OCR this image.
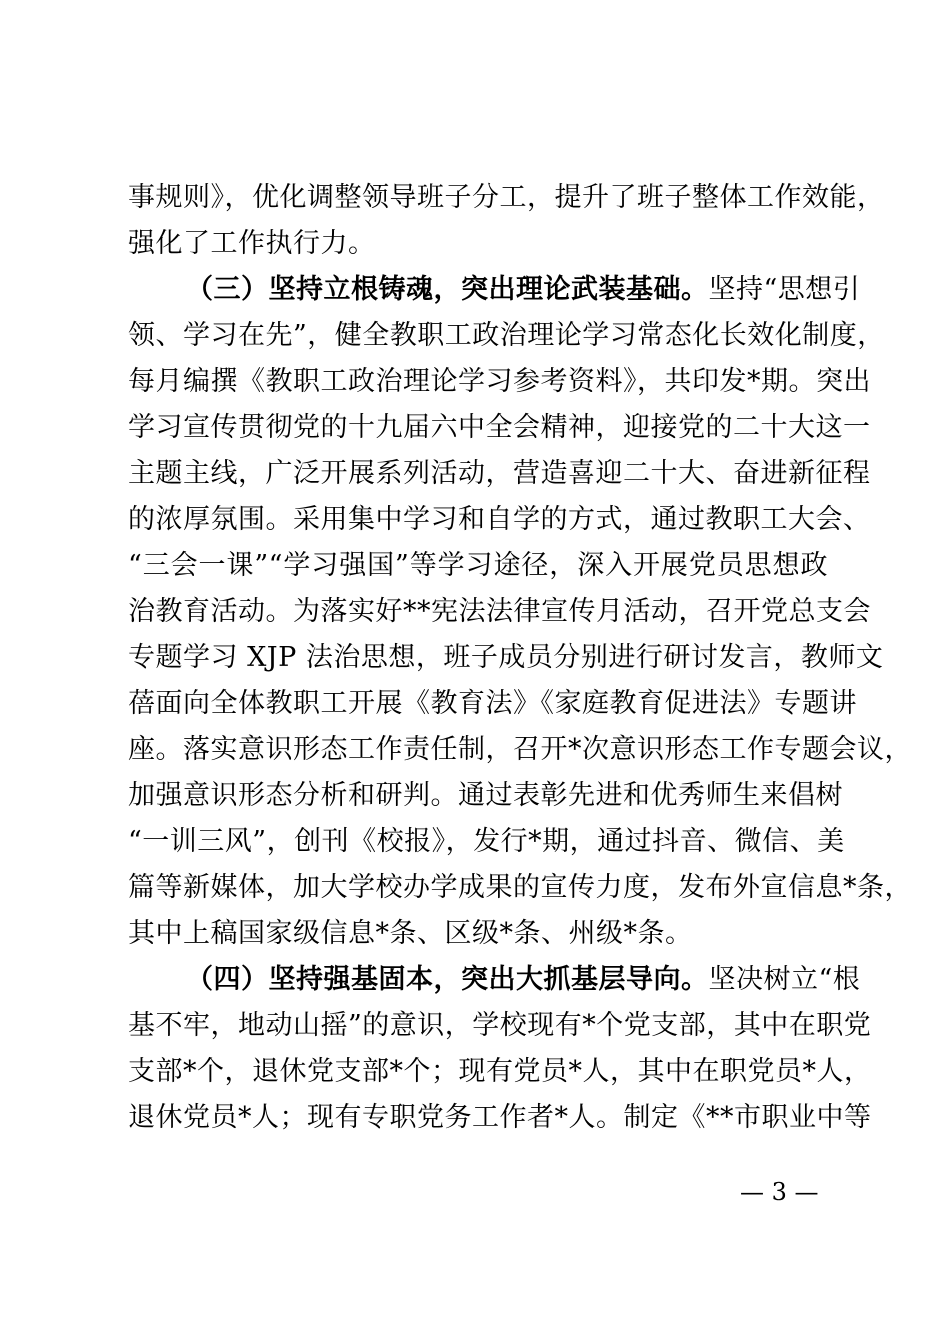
事规则》，优化调整领导班子分工，提升了班子整体工作效能，
强化了工作执行力。
（三）坚持立根铸魂，突出理论武装基础。坚持“思想引
领、学习在先”，健全教职工政治理论学习常态化长效化制度，
每月编撰《教职工政治理论学习参考资料》，共印发*期。突出
学习宣传贯彻党的十九届六中全会精神，迎接党的二十大这一
主题主线，广泛开展系列活动，营造喜迎二十大、奋进新征程
的浓厚氛围。采用集中学习和自学的方式，通过教职工大会、
“三会一课”“学习强国”等学习途径，深入开展党员思想政
治教育活动。为落实好**宪法法律宣传月活动，召开党总支会
专题学习 XJP 法治思想，班子成员分别进行研讨发言，教师文
蓓面向全体教职工开展《教育法》《家庭教育促进法》专题讲
座。落实意识形态工作责任制，召开*次意识形态工作专题会议，
加强意识形态分析和研判。通过表彰先进和优秀师生来倡树
“一训三风”，创刊《校报》，发行*期，通过抖音、微信、美
篇等新媒体，加大学校办学成果的宣传力度，发布外宣信息*条，
其中上稿国家级信息*条、区级*条、州级*条。
（四）坚持强基固本，突出大抓基层导向。坚决树立“根
基不牢，地动山摇”的意识，学校现有*个党支部，其中在职党
支部*个，退休党支部*个；现有党员*人，其中在职党员*人，
退休党员*人；现有专职党务工作者*人。制定《**市职业中等
— 3 —
